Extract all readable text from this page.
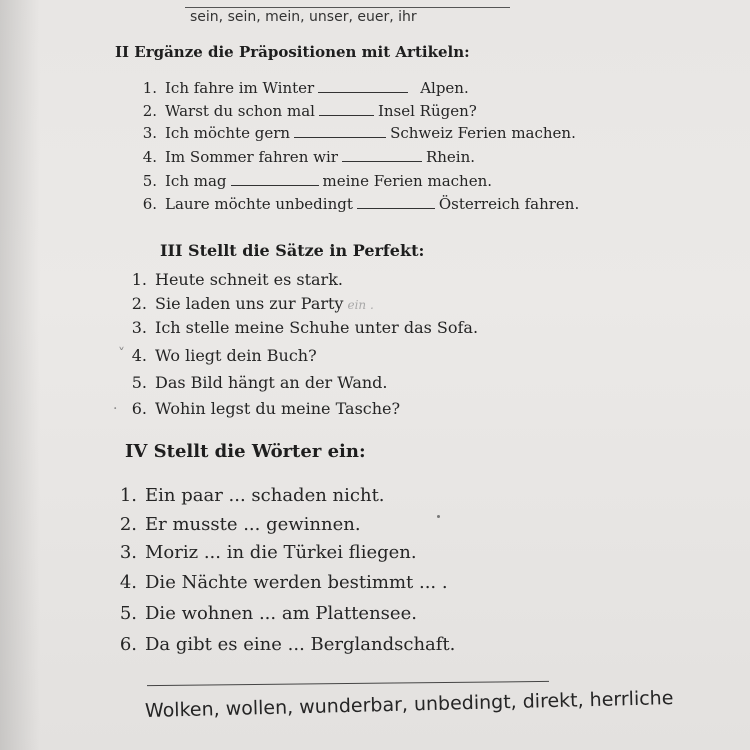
sein, sein, mein, unser, euer, ihr
II Ergänze die Präpositionen mit Artikeln:
1. Ich fahre im Winter	Alpen.
2. Warst du schon mal	Insel Rügen?
3. Ich möchte gern	Schweiz Ferien machen.
4. Im Sommer fahren wir	Rhein.
5. Ich mag	meine Ferien machen.
6. Laure möchte unbedingt	Österreich fahren.
III Stellt die Sätze in Perfekt:
1. Heute schneit es stark.
2. Sie laden uns zur Party ein .
3. Ich stelle meine Schuhe unter das Sofa.
4. Wo liegt dein Buch?
5. Das Bild hängt an der Wand.
6. Wohin legst du meine Tasche?
˅
·
IV Stellt die Wörter ein:
1. Ein paar ... schaden nicht.
2. Er musste ... gewinnen.
3. Moriz ... in die Türkei fliegen.
4. Die Nächte werden bestimmt ... .
5. Die wohnen ... am Plattensee.
6. Da gibt es eine ... Berglandschaft.
Wolken, wollen, wunderbar, unbedingt, direkt, herrliche
